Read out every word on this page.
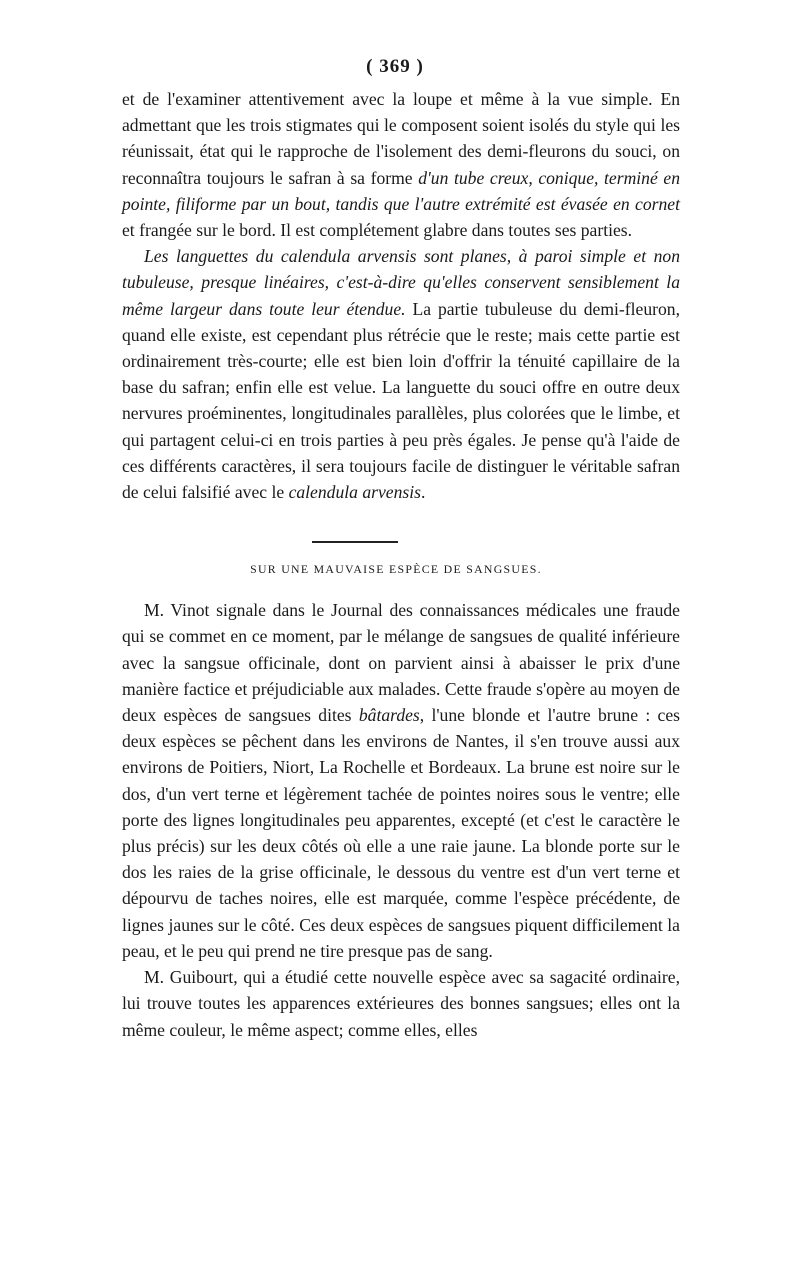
( 369 )

et de l'examiner attentivement avec la loupe et même à la vue simple. En admettant que les trois stigmates qui le composent soient isolés du style qui les réunissait, état qui le rapproche de l'isolement des demi-fleurons du souci, on reconnaîtra toujours le safran à sa forme d'un tube creux, conique, terminé en pointe, filiforme par un bout, tandis que l'autre extrémité est évasée en cornet et frangée sur le bord. Il est complétement glabre dans toutes ses parties.

Les languettes du calendula arvensis sont planes, à paroi simple et non tubuleuse, presque linéaires, c'est-à-dire qu'elles conservent sensiblement la même largeur dans toute leur étendue. La partie tubuleuse du demi-fleuron, quand elle existe, est cependant plus rétrécie que le reste; mais cette partie est ordinairement très-courte; elle est bien loin d'offrir la ténuité capillaire de la base du safran; enfin elle est velue. La languette du souci offre en outre deux nervures proéminentes, longitudinales parallèles, plus colorées que le limbe, et qui partagent celui-ci en trois parties à peu près égales. Je pense qu'à l'aide de ces différents caractères, il sera toujours facile de distinguer le véritable safran de celui falsifié avec le calendula arvensis.

SUR UNE MAUVAISE ESPÈCE DE SANGSUES.

M. Vinot signale dans le Journal des connaissances médicales une fraude qui se commet en ce moment, par le mélange de sangsues de qualité inférieure avec la sangsue officinale, dont on parvient ainsi à abaisser le prix d'une manière factice et préjudiciable aux malades. Cette fraude s'opère au moyen de deux espèces de sangsues dites bâtardes, l'une blonde et l'autre brune : ces deux espèces se pêchent dans les environs de Nantes, il s'en trouve aussi aux environs de Poitiers, Niort, La Rochelle et Bordeaux. La brune est noire sur le dos, d'un vert terne et légèrement tachée de pointes noires sous le ventre; elle porte des lignes longitudinales peu apparentes, excepté (et c'est le caractère le plus précis) sur les deux côtés où elle a une raie jaune. La blonde porte sur le dos les raies de la grise officinale, le dessous du ventre est d'un vert terne et dépourvu de taches noires, elle est marquée, comme l'espèce précédente, de lignes jaunes sur le côté. Ces deux espèces de sangsues piquent difficilement la peau, et le peu qui prend ne tire presque pas de sang.

M. Guibourt, qui a étudié cette nouvelle espèce avec sa sagacité ordinaire, lui trouve toutes les apparences extérieures des bonnes sangsues; elles ont la même couleur, le même aspect; comme elles, elles
